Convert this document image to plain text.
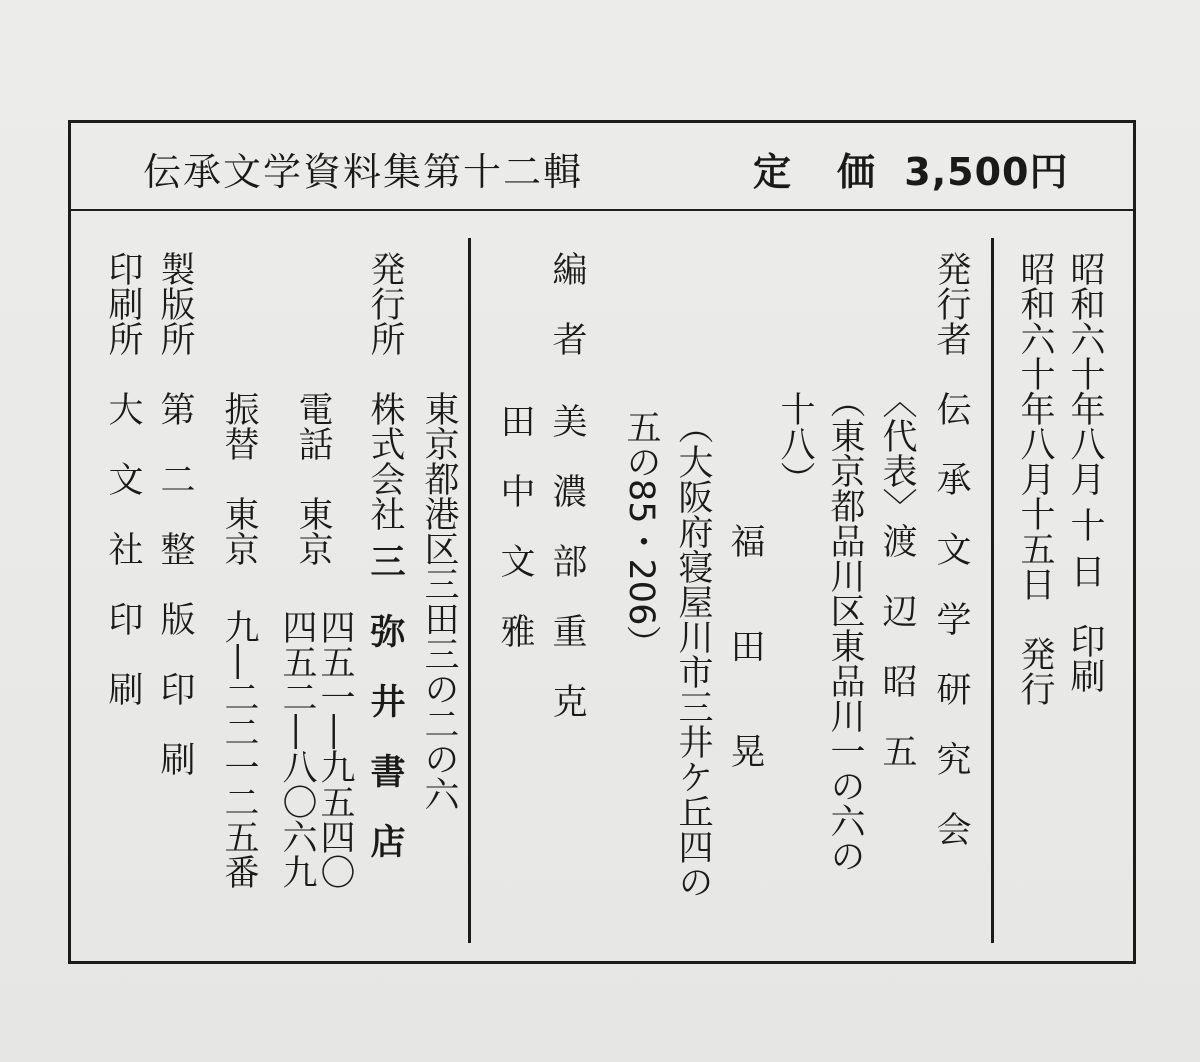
伝承文学資料集第十二輯	定　価 3,500円
昭和六十年八月 十 日　印刷
昭和六十年八月十五日　発行
発行者
伝　承　文　学　研　究　会
〈代表〉渡　辺　昭　五
（東京都品川区東品川一の六の
十八）
福　　田　　晃
（大阪府寝屋川市三井ケ丘四の
五の85・206）
編　者
美　濃　部　重　克
田　中　文　雅
東京都港区三田三の二の六
発行所
株式会社
三　弥　井　書　店
電話　東京
四五一―九五四〇
四五二―八〇六九
振替　東京
九―二二一二五番
製版所
第　二　整　版　印　刷
印刷所
大　文　社　印　刷
